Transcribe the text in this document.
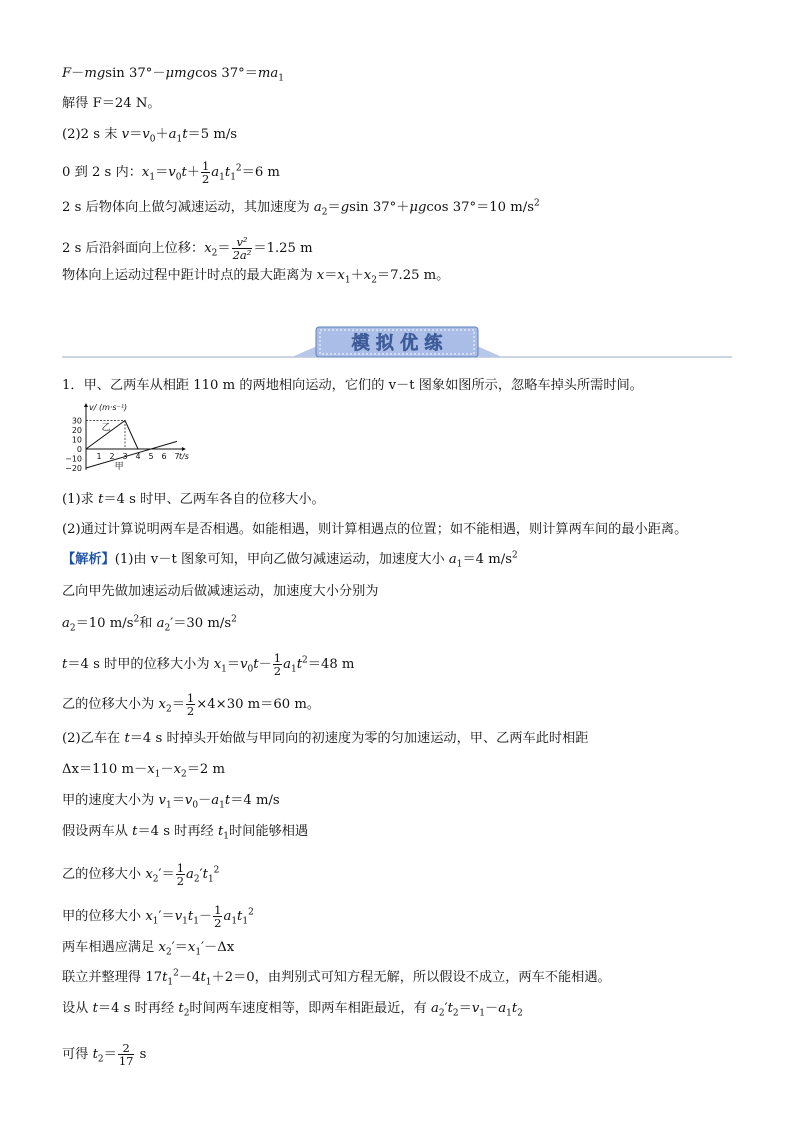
F－mgsin 37°－μmgcos $37^\circ=ma_1$
解得 F＝24 N。
(2)2 s 末 $v=v_0+a_1t=5$ m/s
0 到 2 s 内：$x_1=v_0t+ \frac{1}{2} a_1t_1^2=6$ m
2 s 后物体向上做匀减速运动，其加速度为 $a_2=gsin$ 37°＋μgcos 37°＝10 $m/s^2$
2 s 后沿斜面向上位移：$x_2= \frac{\text{v²}}{\text{2a²}} =1.25$ m
物体向上运动过程中距计时点的最大距离为 $x=x_1+x_2=7.25$ m。
模 拟 优 练
1．甲、乙两车从相距 110 m 的两地相向运动，它们的 v－t 图象如图所示，忽略车掉头所需时间。
30
20
10
0
−10
−20
1 2 3 4 5 6 7
v/ (m·s⁻¹)
t/s
乙
甲
(1)求 t＝4 s 时甲、乙两车各自的位移大小。
(2)通过计算说明两车是否相遇。如能相遇，则计算相遇点的位置；如不能相遇，则计算两车间的最小距离。
【解析】(1)由 v－t 图象可知，甲向乙做匀减速运动，加速度大小 $a_1=4$ $m/s^2$
乙向甲先做加速运动后做减速运动，加速度大小分别为
$a_2=10$ $m/s^2$和 $a_2'=30$ $m/s^2$
t＝4 s 时甲的位移大小为 $x_1=v_0t- \frac{1}{2} a_1t^2=48$ m
乙的位移大小为 $x_2= \frac{1}{2} \times 4\times 30$ m＝60 m。
(2)乙车在 t＝4 s 时掉头开始做与甲同向的初速度为零的匀加速运动，甲、乙两车此时相距
Δx＝110 $m-x_1-x_2=2$ m
甲的速度大小为 $v_1=v_0-a_1t=4$ m/s
假设两车从 t＝4 s 时再经 $t_1$时间能够相遇
乙的位移大小 $x_2'= \frac{1}{2} a_2't_1^2$
甲的位移大小 $x_1'=v_1t_1- \frac{1}{2} a_1t_1^2$
两车相遇应满足 $x_2'=x_1'-\Delta x$
联立并整理得 $17t_1^2-4t_1+2=0$，由判别式可知方程无解，所以假设不成立，两车不能相遇。
设从 t＝4 s 时再经 $t_2$时间两车速度相等，即两车相距最近，有 $a_2't_2=v_1-a_1t_2$
可得 $t_2= \frac{2}{17}$ s
